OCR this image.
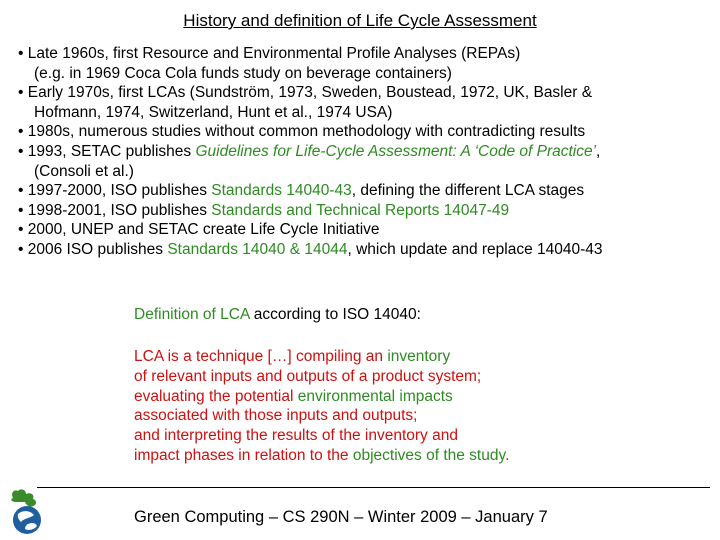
History and definition of Life Cycle Assessment
• Late 1960s, first Resource and Environmental Profile Analyses (REPAs)
(e.g. in 1969 Coca Cola funds study on beverage containers)
• Early 1970s, first LCAs (Sundström, 1973, Sweden, Boustead, 1972, UK, Basler &
Hofmann, 1974, Switzerland, Hunt et al., 1974 USA)
• 1980s, numerous studies without common methodology with contradicting results
• 1993, SETAC publishes Guidelines for Life-Cycle Assessment: A ‘Code of Practice’,
(Consoli et al.)
• 1997-2000, ISO publishes Standards 14040-43, defining the different LCA stages
• 1998-2001, ISO publishes Standards and Technical Reports 14047-49
• 2000, UNEP and SETAC create Life Cycle Initiative
• 2006 ISO publishes Standards 14040 & 14044, which update and replace 14040-43
Definition of LCA according to ISO 14040:
LCA is a technique […] compiling an inventory
of relevant inputs and outputs of a product system;
evaluating the potential environmental impacts
associated with those inputs and outputs;
and interpreting the results of the inventory and
impact phases in relation to the objectives of the study.
Green Computing – CS 290N – Winter 2009 – January 7
